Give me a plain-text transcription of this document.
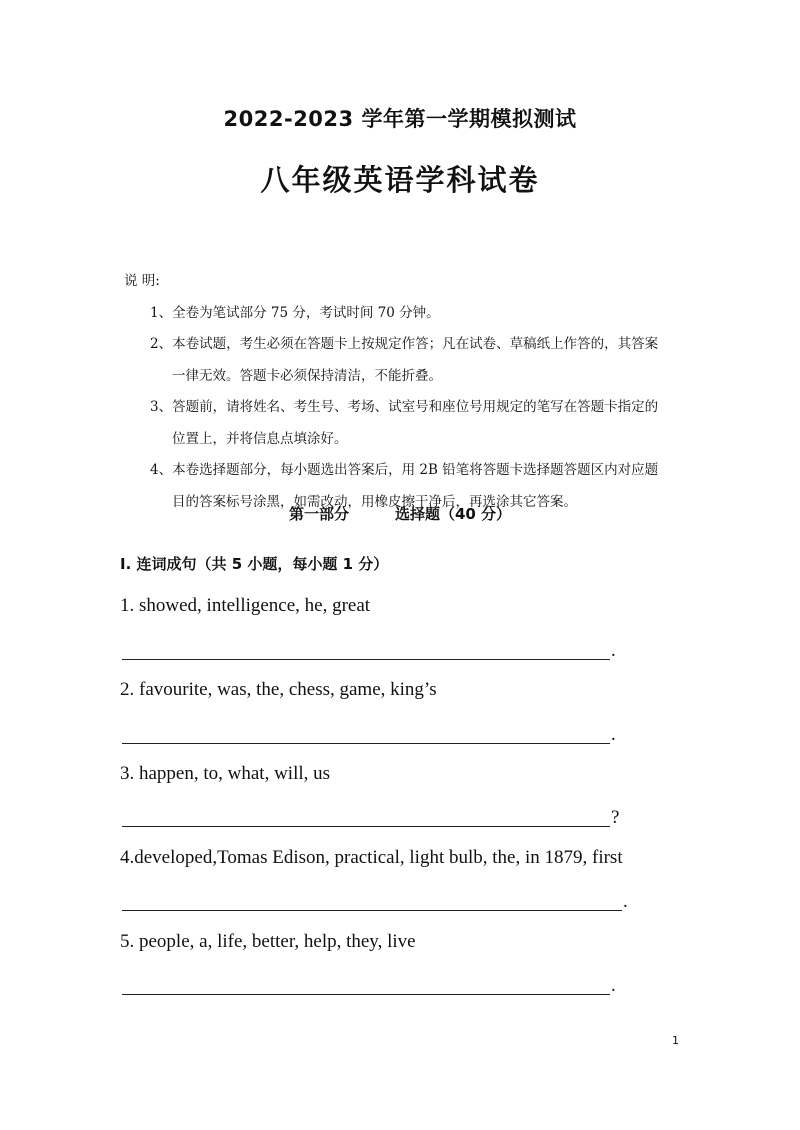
2022-2023 学年第一学期模拟测试
八年级英语学科试卷
说 明:
1、全卷为笔试部分 75 分，考试时间 70 分钟。
2、本卷试题，考生必须在答题卡上按规定作答；凡在试卷、草稿纸上作答的，其答案
一律无效。答题卡必须保持清洁，不能折叠。
3、答题前，请将姓名、考生号、考场、试室号和座位号用规定的笔写在答题卡指定的
位置上，并将信息点填涂好。
4、本卷选择题部分，每小题选出答案后，用 2B 铅笔将答题卡选择题答题区内对应题
目的答案标号涂黑，如需改动，用橡皮擦干净后，再选涂其它答案。
第一部分	选择题（40 分）
I. 连词成句（共 5 小题，每小题 1 分）
1. showed, intelligence, he, great
.
2. favourite, was, the, chess, game, king’s
.
3. happen, to, what, will, us
?
4.developed,Tomas Edison, practical, light bulb, the, in 1879, first
.
5. people, a, life, better, help, they, live
.
1
